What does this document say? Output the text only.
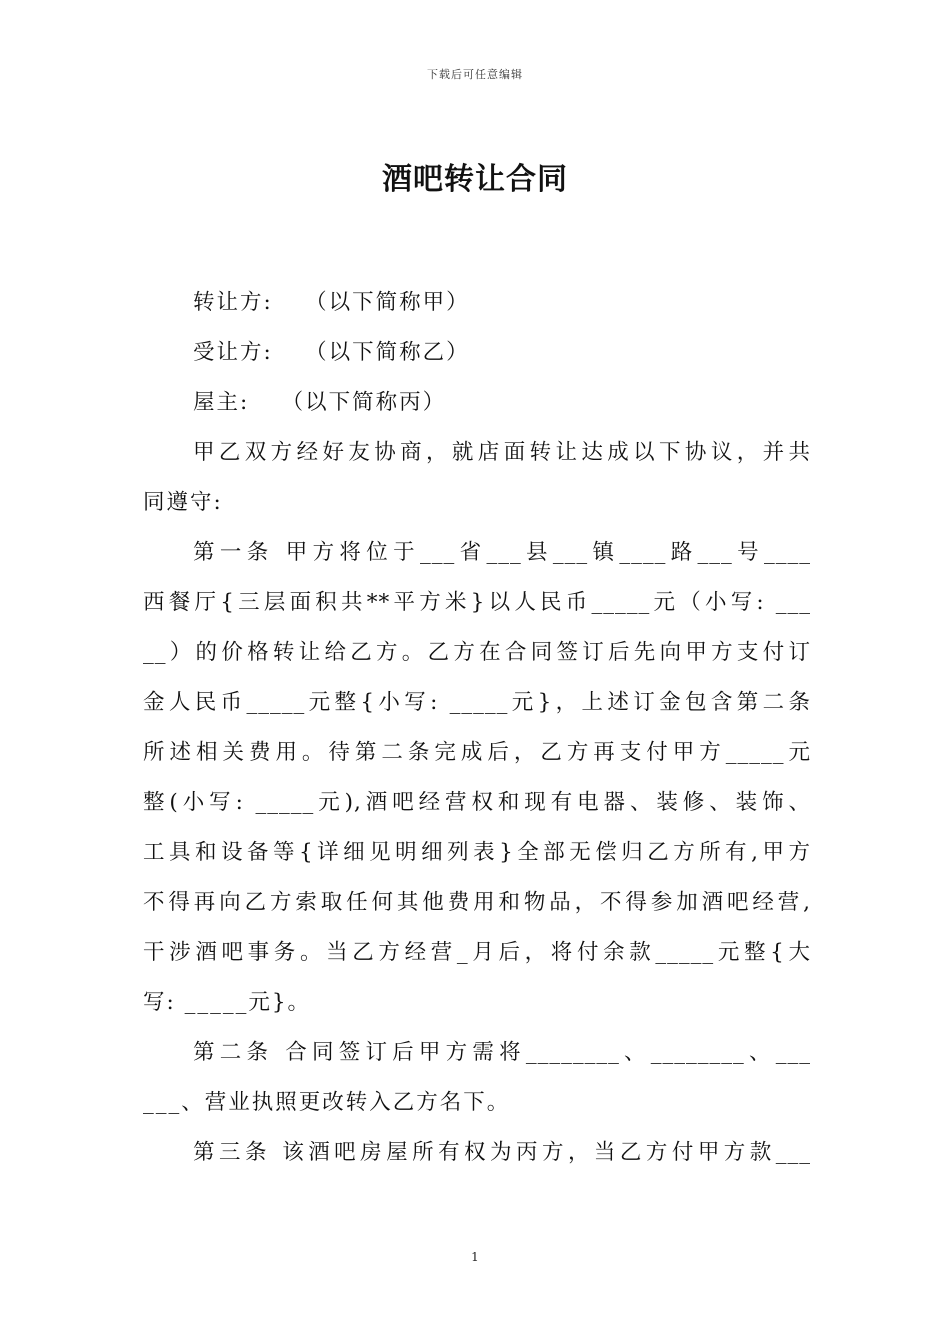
下载后可任意编辑
酒吧转让合同
转让方:　 （以下简称甲）
受让方:　 （以下简称乙）
屋主:　 （以下简称丙）
甲乙双方经好友协商，就店面转让达成以下协议，并共
同遵守:
第一条 甲方将位于___省___县___镇____路___号____
西餐厅{三层面积共**平方米}以人民币_____元（小写: ___
__）的价格转让给乙方。乙方在合同签订后先向甲方支付订
金人民币_____元整{小写: _____元}，上述订金包含第二条
所述相关费用。待第二条完成后，乙方再支付甲方_____元
整(小写: _____元),酒吧经营权和现有电器、装修、装饰、
工具和设备等{详细见明细列表}全部无偿归乙方所有,甲方
不得再向乙方索取任何其他费用和物品，不得参加酒吧经营,
干涉酒吧事务。当乙方经营_月后，将付余款_____元整{大
写: _____元}。
第二条 合同签订后甲方需将________、________、___
___、营业执照更改转入乙方名下。
第三条 该酒吧房屋所有权为丙方，当乙方付甲方款___
1
